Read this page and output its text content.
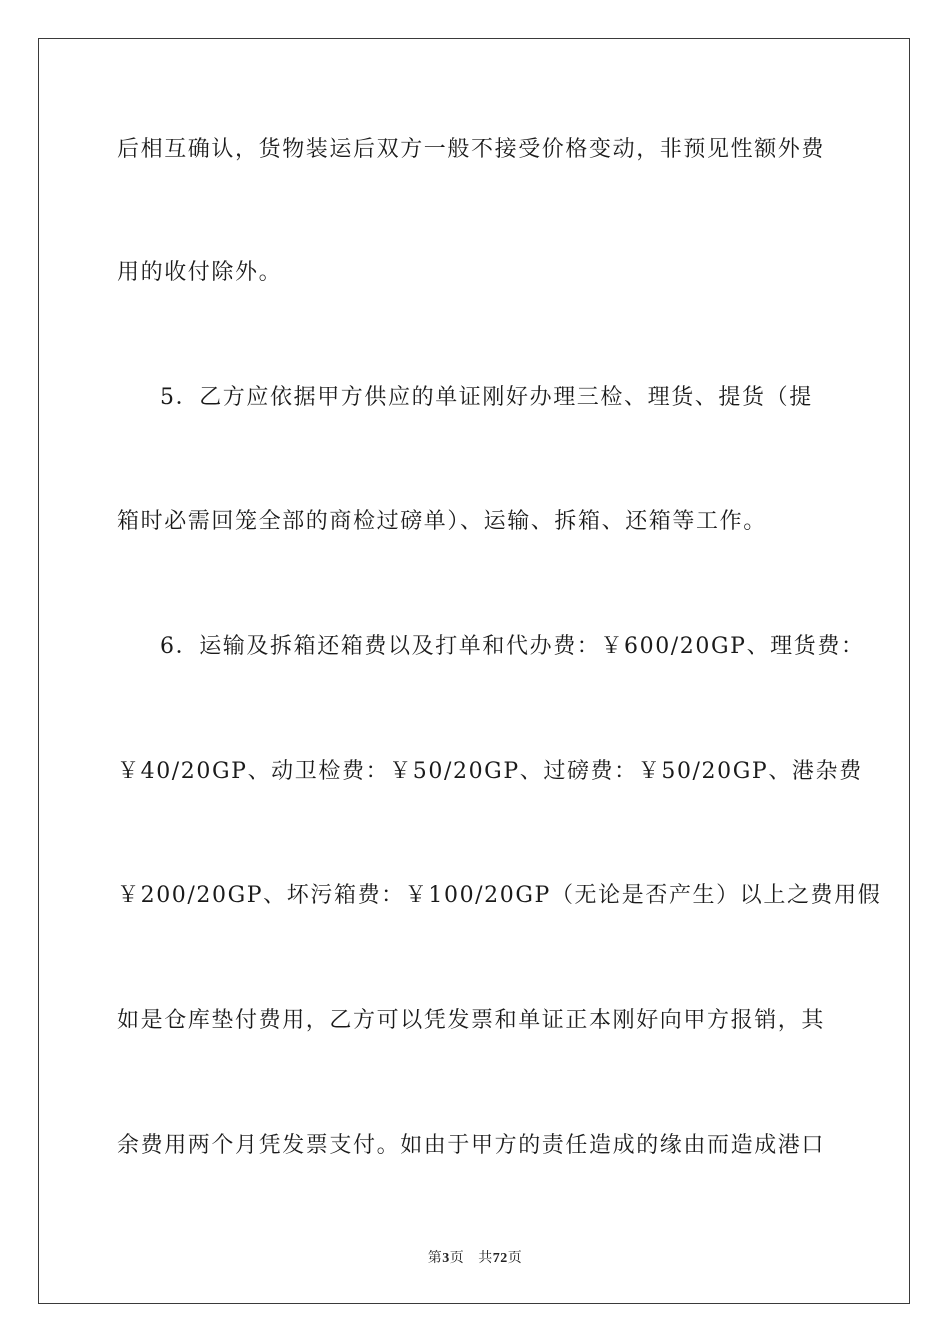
后相互确认，货物装运后双方一般不接受价格变动，非预见性额外费
用的收付除外。
5．乙方应依据甲方供应的单证刚好办理三检、理货、提货（提
箱时必需回笼全部的商检过磅单）、运输、拆箱、还箱等工作。
6．运输及拆箱还箱费以及打单和代办费：￥600/20GP、理货费：
￥40/20GP、动卫检费：￥50/20GP、过磅费：￥50/20GP、港杂费
￥200/20GP、坏污箱费：￥100/20GP（无论是否产生）以上之费用假
如是仓库垫付费用，乙方可以凭发票和单证正本刚好向甲方报销，其
余费用两个月凭发票支付。如由于甲方的责任造成的缘由而造成港口
第3页 共72页
